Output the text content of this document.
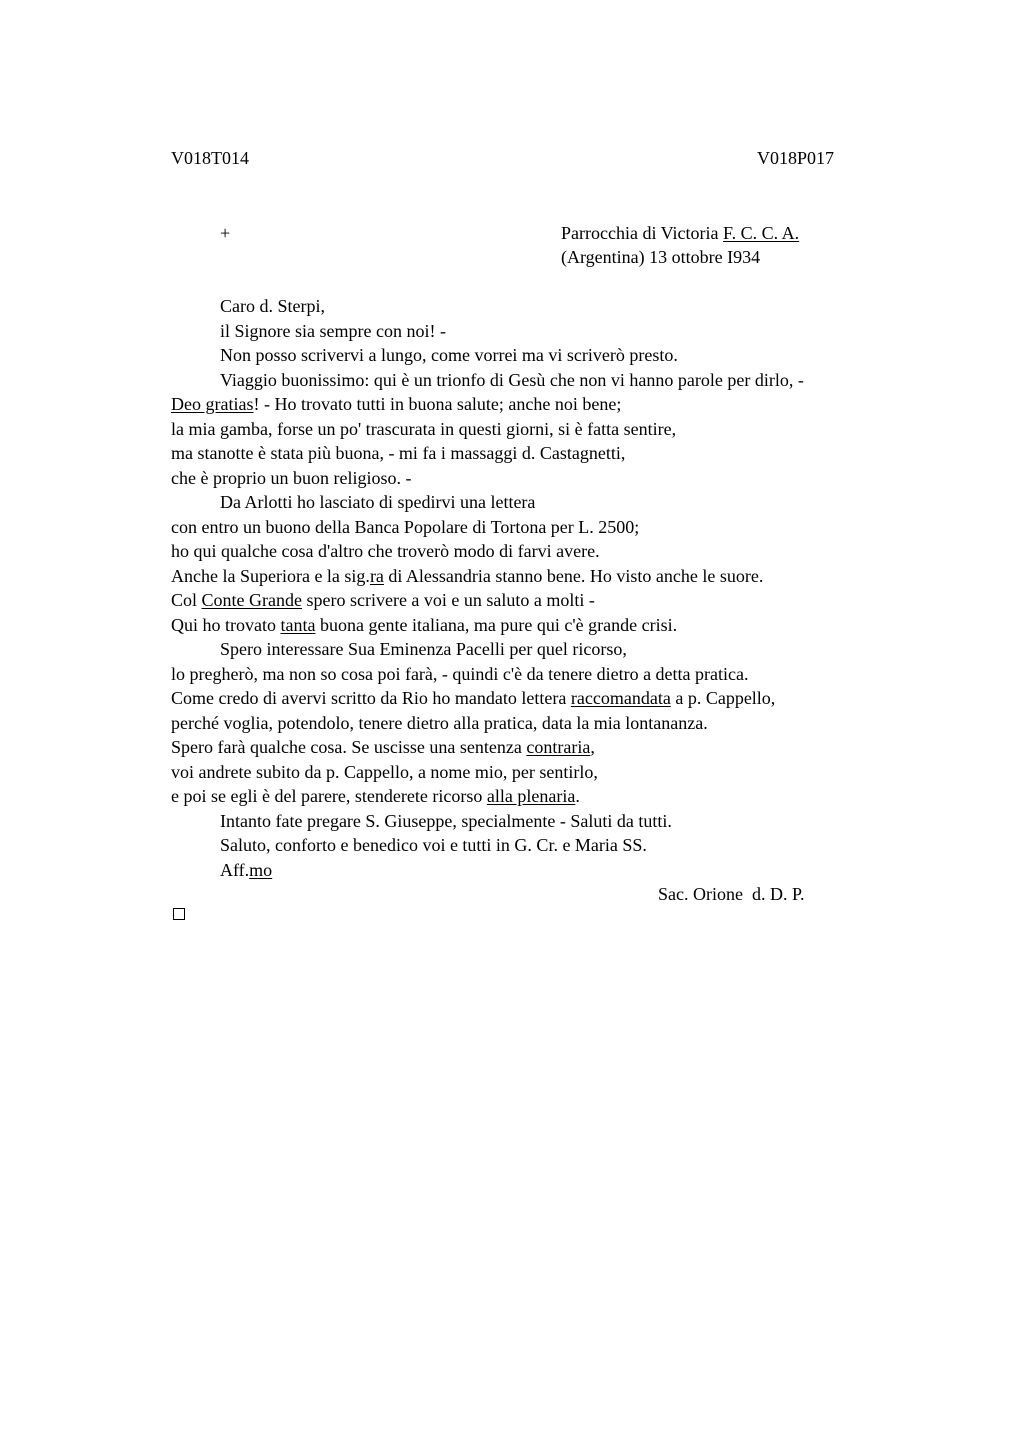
V018T014	V018P017
+	Parrocchia di Victoria F. C. C. A.
(Argentina) 13 ottobre I934
Caro d. Sterpi,
il Signore sia sempre con noi! -
Non posso scrivervi a lungo, come vorrei ma vi scriverò presto.
Viaggio buonissimo: qui è un trionfo di Gesù che non vi hanno parole per dirlo, -
Deo gratias! - Ho trovato tutti in buona salute; anche noi bene;
la mia gamba, forse un po' trascurata in questi giorni, si è fatta sentire,
ma stanotte è stata più buona, - mi fa i massaggi d. Castagnetti,
che è proprio un buon religioso. -
Da Arlotti ho lasciato di spedirvi una lettera
con entro un buono della Banca Popolare di Tortona per L. 2500;
ho qui qualche cosa d'altro che troverò modo di farvi avere.
Anche la Superiora e la sig.ra di Alessandria stanno bene. Ho visto anche le suore.
Col Conte Grande spero scrivere a voi e un saluto a molti -
Qui ho trovato tanta buona gente italiana, ma pure qui c'è grande crisi.
Spero interessare Sua Eminenza Pacelli per quel ricorso,
lo pregherò, ma non so cosa poi farà, - quindi c'è da tenere dietro a detta pratica.
Come credo di avervi scritto da Rio ho mandato lettera raccomandata a p. Cappello,
perché voglia, potendolo, tenere dietro alla pratica, data la mia lontananza.
Spero farà qualche cosa. Se uscisse una sentenza contraria,
voi andrete subito da p. Cappello, a nome mio, per sentirlo,
e poi se egli è del parere, stenderete ricorso alla plenaria.
Intanto fate pregare S. Giuseppe, specialmente - Saluti da tutti.
Saluto, conforto e benedico voi e tutti in G. Cr. e Maria SS.
Aff.mo
Sac. Orione  d. D. P.
